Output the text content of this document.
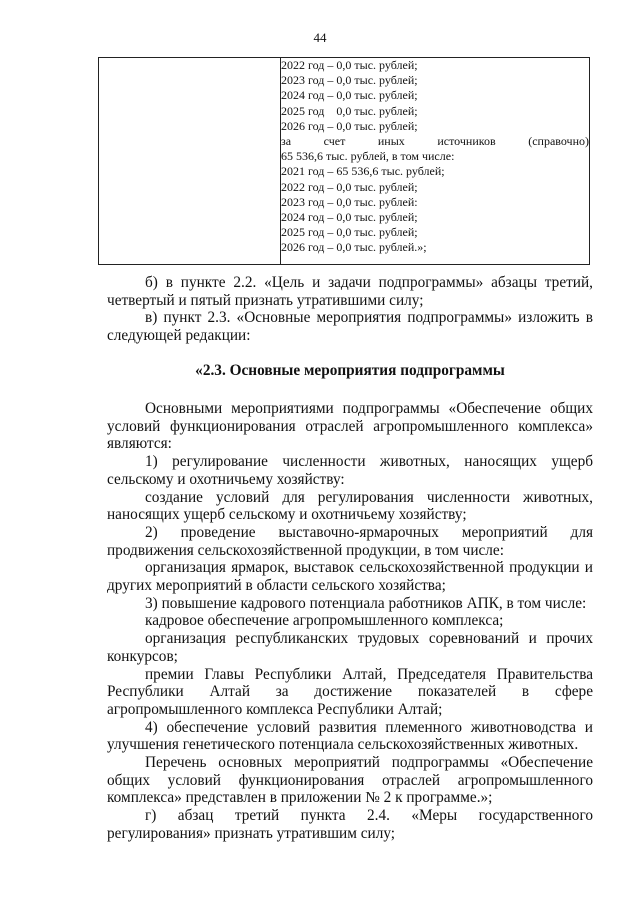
44

2022 год – 0,0 тыс. рублей;
2023 год – 0,0 тыс. рублей;
2024 год – 0,0 тыс. рублей;
2025 год    0,0 тыс. рублей;
2026 год – 0,0 тыс. рублей;
за счет иных источников (справочно)
65 536,6 тыс. рублей, в том числе:
2021 год – 65 536,6 тыс. рублей;
2022 год – 0,0 тыс. рублей;
2023 год – 0,0 тыс. рублей:
2024 год – 0,0 тыс. рублей;
2025 год – 0,0 тыс. рублей;
2026 год – 0,0 тыс. рублей.»;

б) в пункте 2.2. «Цель и задачи подпрограммы» абзацы третий, четвертый и пятый признать утратившими силу;

в) пункт 2.3. «Основные мероприятия подпрограммы» изложить в следующей редакции:

«2.3. Основные мероприятия подпрограммы

Основными мероприятиями подпрограммы «Обеспечение общих условий функционирования отраслей агропромышленного комплекса» являются:

1) регулирование численности животных, наносящих ущерб сельскому и охотничьему хозяйству:

создание условий для регулирования численности животных, наносящих ущерб сельскому и охотничьему хозяйству;

2) проведение выставочно-ярмарочных мероприятий для продвижения сельскохозяйственной продукции, в том числе:

организация ярмарок, выставок сельскохозяйственной продукции и других мероприятий в области сельского хозяйства;

3) повышение кадрового потенциала работников АПК, в том числе:

кадровое обеспечение агропромышленного комплекса;

организация республиканских трудовых соревнований и прочих конкурсов;

премии Главы Республики Алтай, Председателя Правительства Республики Алтай за достижение показателей в сфере агропромышленного комплекса Республики Алтай;

4) обеспечение условий развития племенного животноводства и улучшения генетического потенциала сельскохозяйственных животных.

Перечень основных мероприятий подпрограммы «Обеспечение общих условий функционирования отраслей агропромышленного комплекса» представлен в приложении № 2 к программе.»;

г) абзац третий пункта 2.4. «Меры государственного регулирования» признать утратившим силу;
